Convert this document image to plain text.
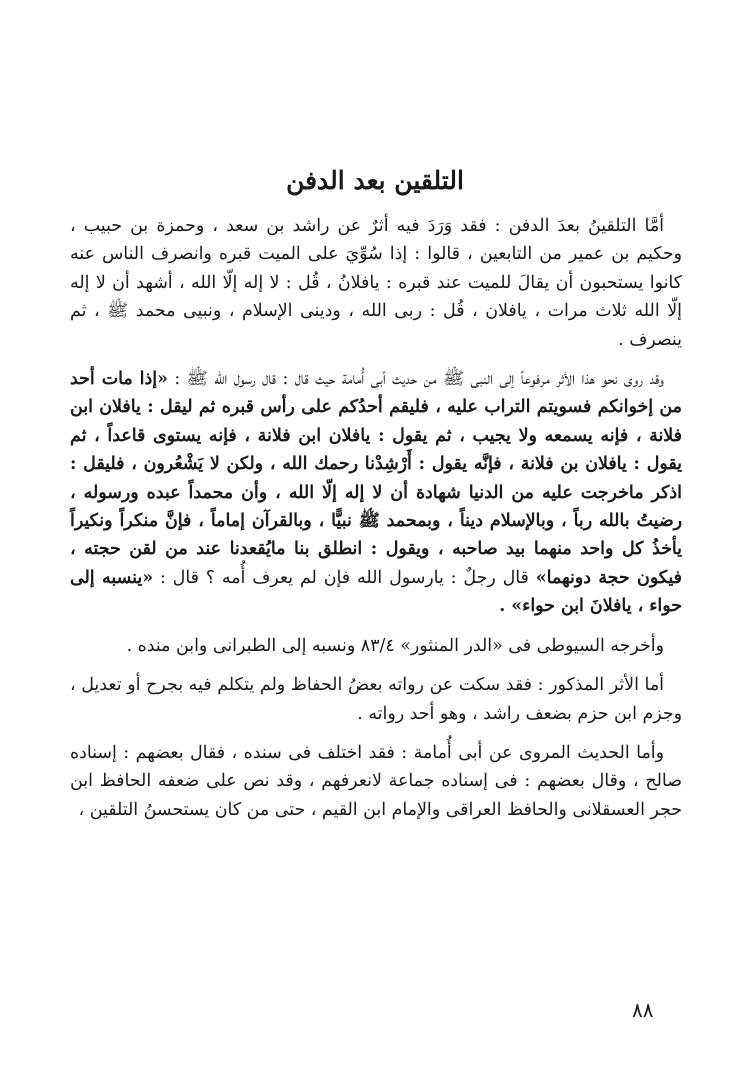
التلقين بعد الدفن

أمَّا التلقينُ بعدَ الدفن : فقد وَرَدَ فيه أثرٌ عن راشد بن سعد ، وحمزة بن حبيب ، وحكيم بن عمير من التابعين ، قالوا : إذا سُوِّيَ على الميت قبره وانصرف الناس عنه كانوا يستحبون أن يقالَ للميت عند قبره : يافلانُ ، قُل : لا إله إلّا الله ، أشهد أن لا إله إلّا الله ثلاث مرات ، يافلان ، قُل : ربى الله ، ودينى الإسلام ، ونبيى محمد ﷺ ، ثم ينصرف .

وقد روى نحو هذا الأثر مرفوعاً إلى النبى ﷺ من حديث أبى أُمامة حيث قال : قال رسول الله ﷺ : «إذا مات أحد من إخوانكم فسويتم التراب عليه ، فليقم أحدُكم على رأس قبره ثم ليقل : يافلان ابن فلانة ، فإنه يسمعه ولا يجيب ، ثم يقول : يافلان ابن فلانة ، فإنه يستوى قاعداً ، ثم يقول : يافلان بن فلانة ، فإنَّه يقول : أَرْشِدْنا رحمك الله ، ولكن لا يَشْعُرون ، فليقل : اذكر ماخرجت عليه من الدنيا شهادة أن لا إله إلّا الله ، وأن محمداً عبده ورسوله ، رضيتُ بالله رباً ، وبالإسلام ديناً ، وبمحمد ﷺ نبيًّا ، وبالقرآن إماماً ، فإنَّ منكراً ونكيراً يأخذُ كل واحد منهما بيد صاحبه ، ويقول : انطلق بنا مايُقعدنا عند من لقن حجته ، فيكون حجة دونهما» قال رجلٌ : يارسول الله فإن لم يعرف أُمه ؟ قال : «ينسبه إلى حواء ، يافلانَ ابن حواء» .

وأخرجه السيوطى فى «الدر المنثور» ٨٣/٤ ونسبه إلى الطبرانى وابن منده .

أما الأثر المذكور : فقد سكت عن رواته بعضُ الحفاظ ولم يتكلم فيه بجرح أو تعديل ، وجزم ابن حزم بضعف راشد ، وهو أحد رواته .

وأما الحديث المروى عن أبى أُمامة : فقد اختلف فى سنده ، فقال بعضهم : إسناده صالح ، وقال بعضهم : فى إسناده جماعة لانعرفهم ، وقد نص على ضعفه الحافظ ابن حجر العسقلانى والحافظ العراقى والإمام ابن القيم ، حتى من كان يستحسنُ التلقين ،

٨٨
